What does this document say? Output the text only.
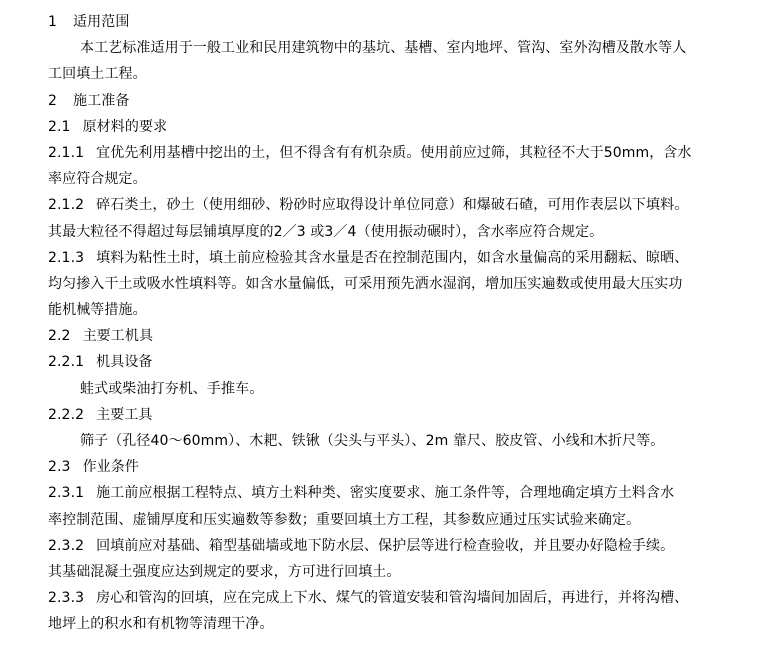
1 适用范围
本工艺标准适用于一般工业和民用建筑物中的基坑、基槽、室内地坪、管沟、室外沟槽及散水等人
工回填土工程。
2 施工准备
2.1 原材料的要求
2.1.1 宜优先利用基槽中挖出的土，但不得含有有机杂质。使用前应过筛，其粒径不大于50mm，含水
率应符合规定。
2.1.2 碎石类土，砂土（使用细砂、粉砂时应取得设计单位同意）和爆破石碴，可用作表层以下填料。
其最大粒径不得超过每层铺填厚度的2／3 或3／4（使用振动碾时），含水率应符合规定。
2.1.3 填料为粘性土时，填土前应检验其含水量是否在控制范围内，如含水量偏高的采用翻耘、晾晒、
均匀掺入干土或吸水性填料等。如含水量偏低，可采用预先洒水湿润，增加压实遍数或使用最大压实功
能机械等措施。
2.2 主要工机具
2.2.1 机具设备
蛙式或柴油打夯机、手推车。
2.2.2 主要工具
筛子（孔径40～60mm）、木耙、铁锹（尖头与平头）、2m 靠尺、胶皮管、小线和木折尺等。
2.3 作业条件
2.3.1 施工前应根据工程特点、填方土料种类、密实度要求、施工条件等，合理地确定填方土料含水
率控制范围、虚铺厚度和压实遍数等参数；重要回填土方工程，其参数应通过压实试验来确定。
2.3.2 回填前应对基础、箱型基础墙或地下防水层、保护层等进行检查验收，并且要办好隐检手续。
其基础混凝土强度应达到规定的要求，方可进行回填土。
2.3.3 房心和管沟的回填，应在完成上下水、煤气的管道安装和管沟墙间加固后，再进行，并将沟槽、
地坪上的积水和有机物等清理干净。
